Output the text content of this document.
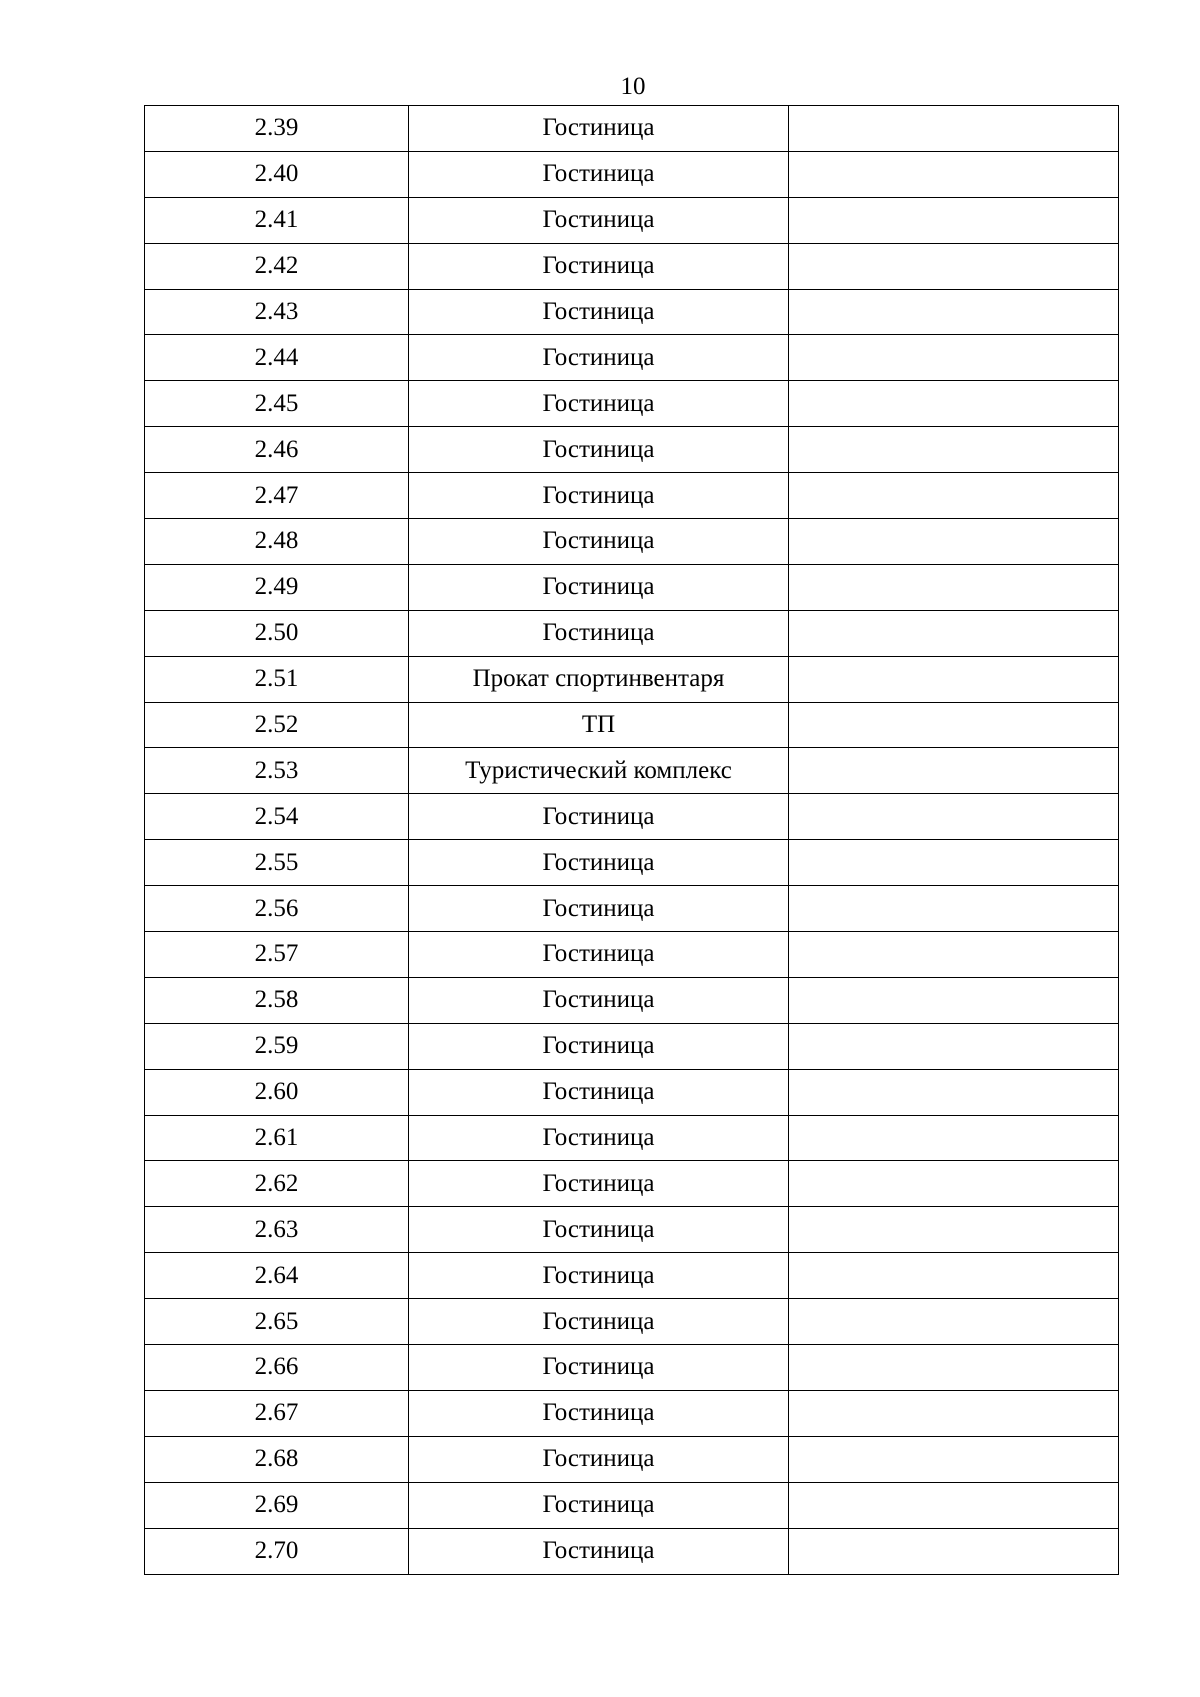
10
2.39	Гостиница	
2.40	Гостиница	
2.41	Гостиница	
2.42	Гостиница	
2.43	Гостиница	
2.44	Гостиница	
2.45	Гостиница	
2.46	Гостиница	
2.47	Гостиница	
2.48	Гостиница	
2.49	Гостиница	
2.50	Гостиница	
2.51	Прокат спортинвентаря	
2.52	ТП	
2.53	Туристический комплекс	
2.54	Гостиница	
2.55	Гостиница	
2.56	Гостиница	
2.57	Гостиница	
2.58	Гостиница	
2.59	Гостиница	
2.60	Гостиница	
2.61	Гостиница	
2.62	Гостиница	
2.63	Гостиница	
2.64	Гостиница	
2.65	Гостиница	
2.66	Гостиница	
2.67	Гостиница	
2.68	Гостиница	
2.69	Гостиница	
2.70	Гостиница	
